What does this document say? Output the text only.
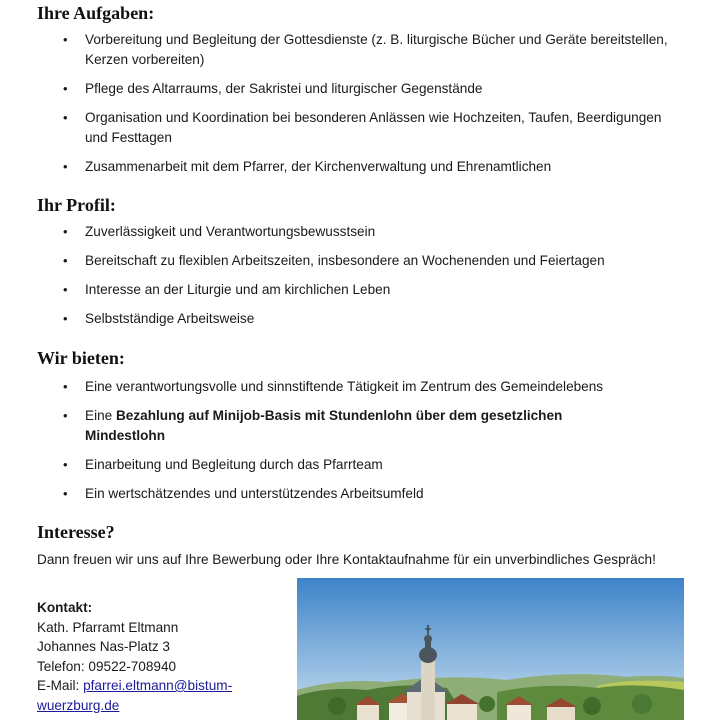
Ihre Aufgaben:
• Vorbereitung und Begleitung der Gottesdienste (z. B. liturgische Bücher und Geräte bereitstellen, Kerzen vorbereiten)
• Pflege des Altarraums, der Sakristei und liturgischer Gegenstände
• Organisation und Koordination bei besonderen Anlässen wie Hochzeiten, Taufen, Beerdigungen und Festtagen
• Zusammenarbeit mit dem Pfarrer, der Kirchenverwaltung und Ehrenamtlichen
Ihr Profil:
• Zuverlässigkeit und Verantwortungsbewusstsein
• Bereitschaft zu flexiblen Arbeitszeiten, insbesondere an Wochenenden und Feiertagen
• Interesse an der Liturgie und am kirchlichen Leben
• Selbstständige Arbeitsweise
Wir bieten:
• Eine verantwortungsvolle und sinnstiftende Tätigkeit im Zentrum des Gemeindelebens
• Eine Bezahlung auf Minijob-Basis mit Stundenlohn über dem gesetzlichen Mindestlohn
• Einarbeitung und Begleitung durch das Pfarrteam
• Ein wertschätzendes und unterstützendes Arbeitsumfeld
Interesse?

Dann freuen wir uns auf Ihre Bewerbung oder Ihre Kontaktaufnahme für ein unverbindliches Gespräch!

Kontakt:
Kath. Pfarramt Eltmann
Johannes Nas-Platz 3
Telefon: 09522-708940
E-Mail: pfarrei.eltmann@bistum-
wuerzburg.de
